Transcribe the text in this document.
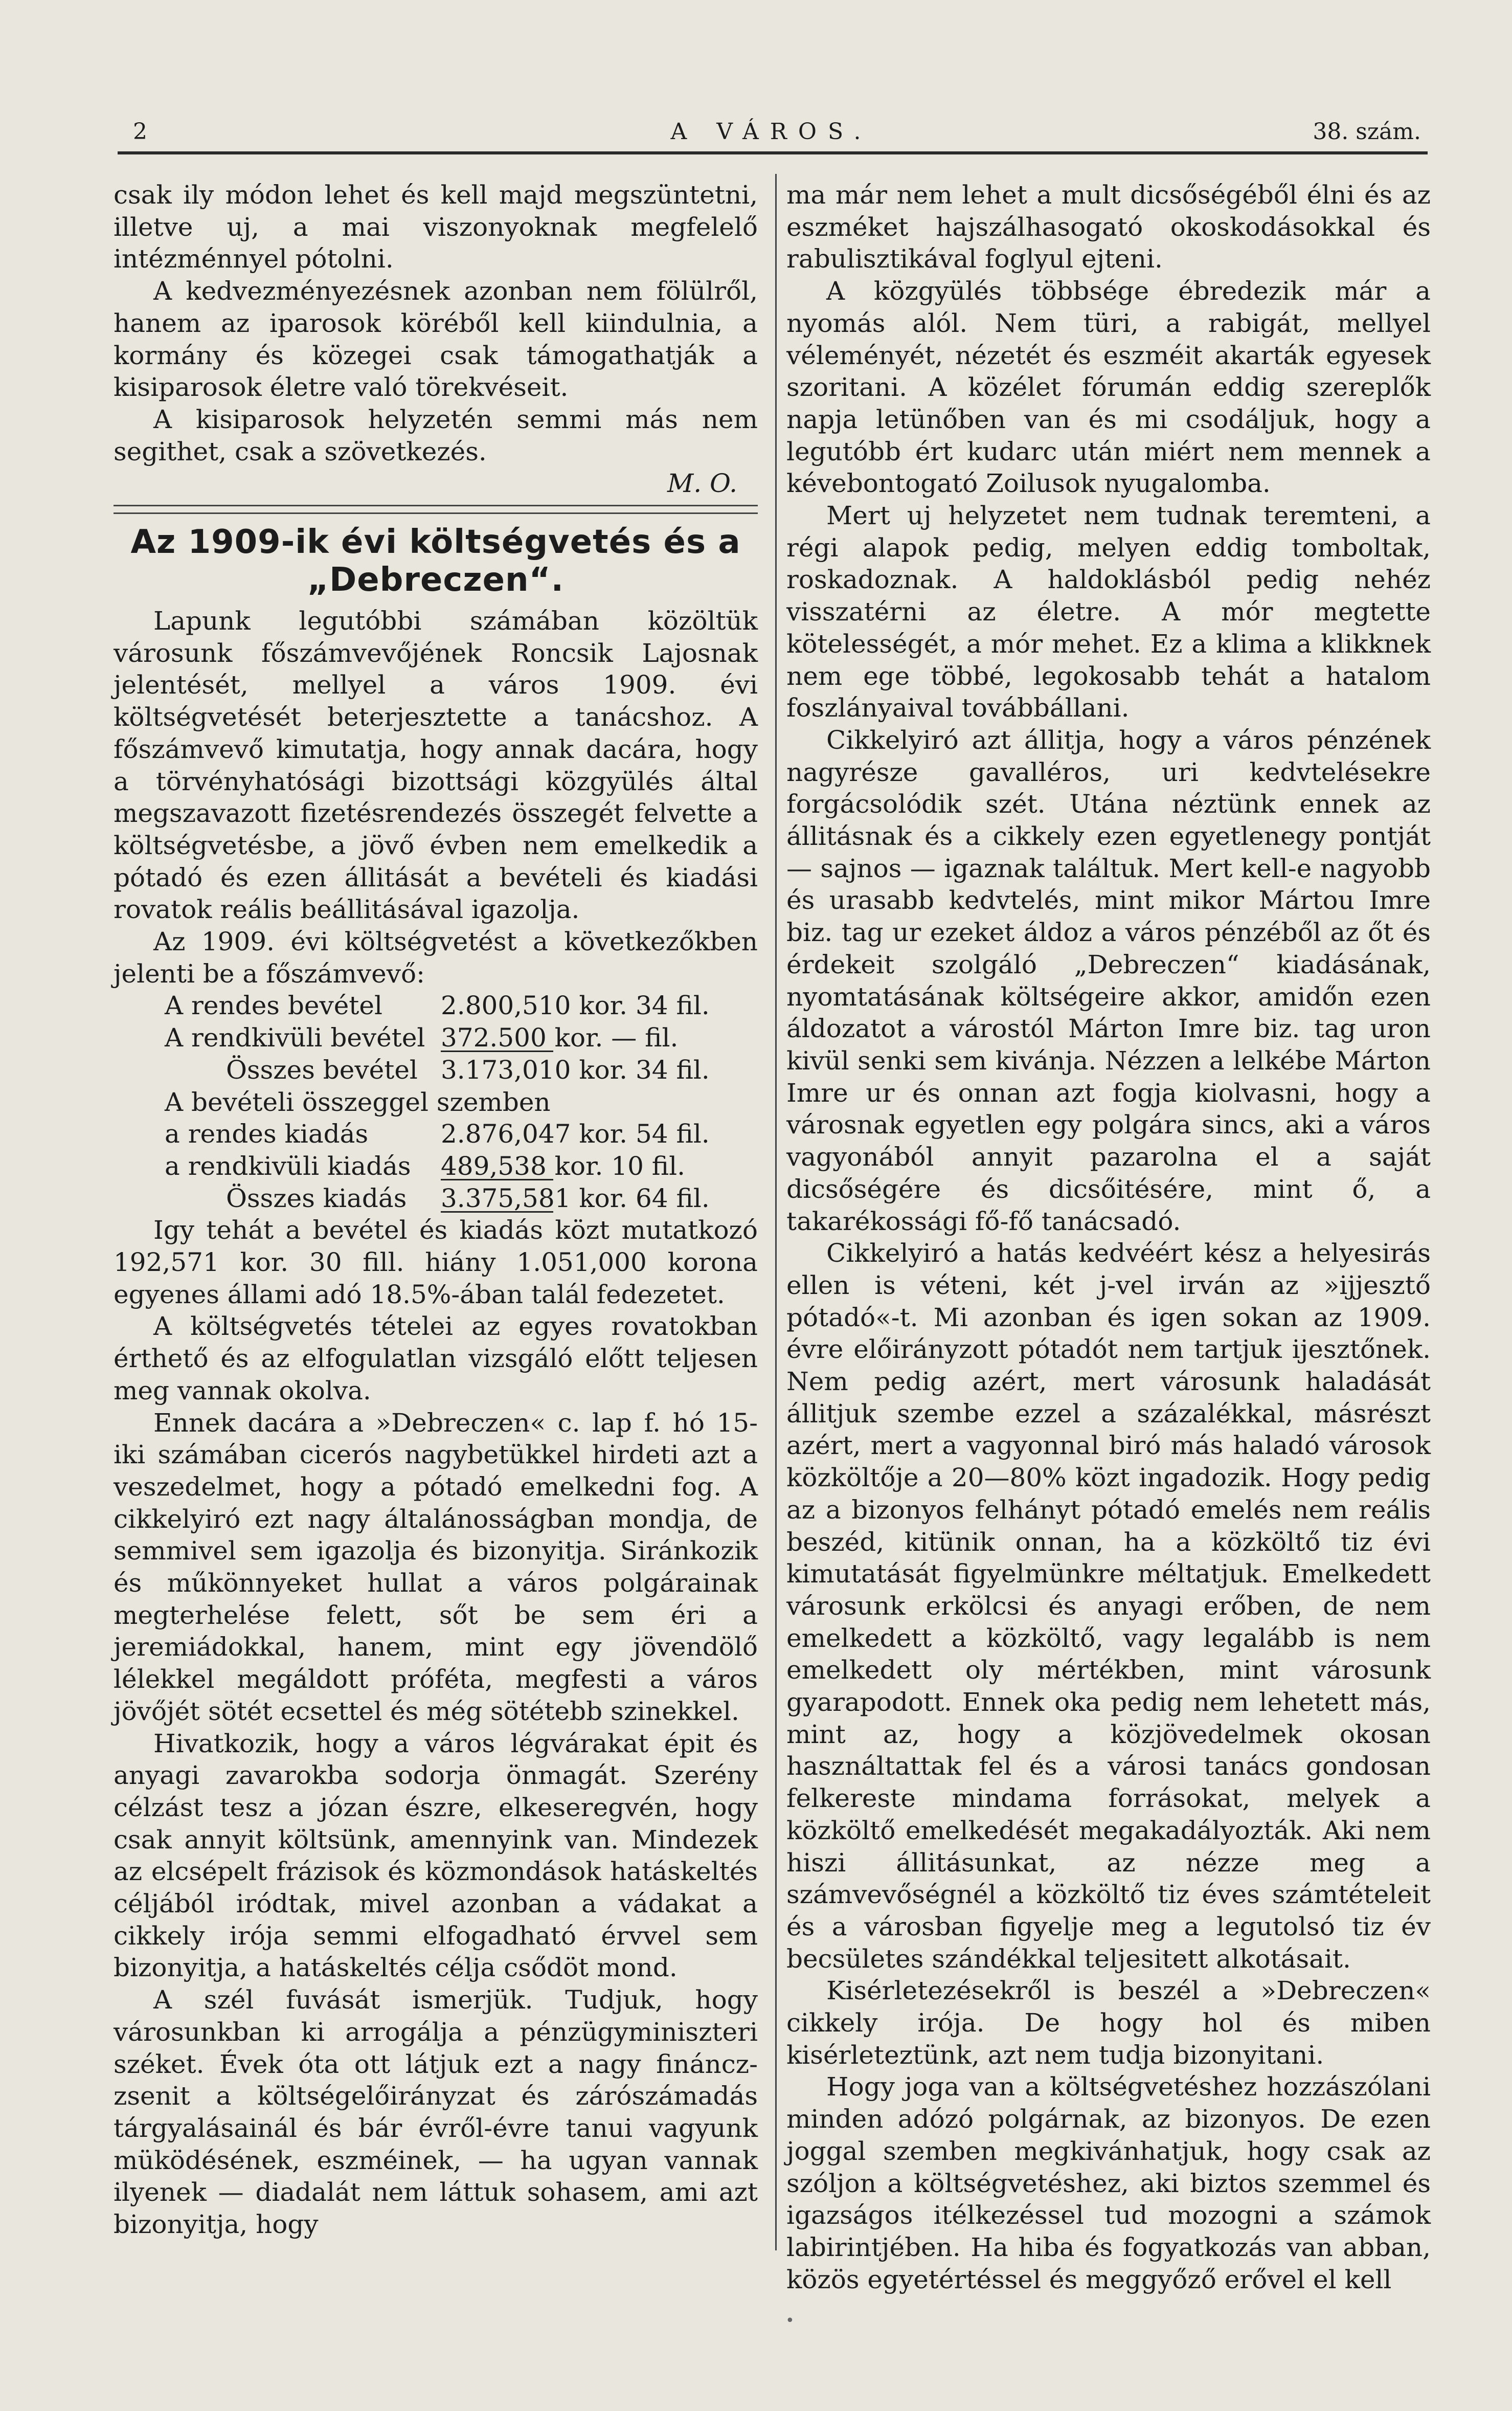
2	A VÁROS.	38. szám.

csak ily módon lehet és kell majd megszüntetni, illetve uj, a mai viszonyoknak megfelelő intézménnyel pótolni.

A kedvezményezésnek azonban nem fölülről, hanem az iparosok köréből kell kiindulnia, a kormány és közegei csak támogathatják a kisiparosok életre való törekvéseit.

A kisiparosok helyzetén semmi más nem segithet, csak a szövetkezés.

M. O.

Az 1909-ik évi költségvetés és a „Debreczen“.

Lapunk legutóbbi számában közöltük városunk főszámvevőjének Roncsik Lajosnak jelentését, mellyel a város 1909. évi költségvetését beterjesztette a tanácshoz. A főszámvevő kimutatja, hogy annak dacára, hogy a törvényhatósági bizottsági közgyülés által megszavazott fizetésrendezés összegét felvette a költségvetésbe, a jövő évben nem emelkedik a pótadó és ezen állitását a bevételi és kiadási rovatok reális beállitásával igazolja.

Az 1909. évi költségvetést a következőkben jelenti be a főszámvevő:

A rendes bevétel	2.800,510 kor. 34 fil.
A rendkivüli bevétel 372.500 kor. — fil.
Összes bevétel 3.173,010 kor. 34 fil.
A bevételi összeggel szemben
a rendes kiadás	2.876,047 kor. 54 fil.
a rendkivüli kiadás	489,538 kor. 10 fil.
Összes kiadás	3.375,581 kor. 64 fil.

Igy tehát a bevétel és kiadás közt mutatkozó 192,571 kor. 30 fill. hiány 1.051,000 korona egyenes állami adó 18.5%-ában talál fedezetet.

A költségvetés tételei az egyes rovatokban érthető és az elfogulatlan vizsgáló előtt teljesen meg vannak okolva.

Ennek dacára a »Debreczen« c. lap f. hó 15-iki számában cicerós nagybetükkel hirdeti azt a veszedelmet, hogy a pótadó emelkedni fog. A cikkelyiró ezt nagy általánosságban mondja, de semmivel sem igazolja és bizonyitja. Siránkozik és műkönnyeket hullat a város polgárainak megterhelése felett, sőt be sem éri a jeremiádokkal, hanem, mint egy jövendölő lélekkel megáldott próféta, megfesti a város jövőjét sötét ecsettel és még sötétebb szinekkel.

Hivatkozik, hogy a város légvárakat épit és anyagi zavarokba sodorja önmagát. Szerény célzást tesz a józan észre, elkeseregvén, hogy csak annyit költsünk, amennyink van. Mindezek az elcsépelt frázisok és közmondások hatáskeltés céljából iródtak, mivel azonban a vádakat a cikkely irója semmi elfogadható érvvel sem bizonyitja, a hatáskeltés célja csődöt mond.

A szél fuvását ismerjük. Tudjuk, hogy városunkban ki arrogálja a pénzügyminiszteri széket. Évek óta ott látjuk ezt a nagy fináncz-zsenit a költségelőirányzat és zárószámadás tárgyalásainál és bár évről-évre tanui vagyunk müködésének, eszméinek, — ha ugyan vannak ilyenek — diadalát nem láttuk sohasem, ami azt bizonyitja, hogy

ma már nem lehet a mult dicsőségéből élni és az eszméket hajszálhasogató okoskodásokkal és rabulisztikával foglyul ejteni.

A közgyülés többsége ébredezik már a nyomás alól. Nem türi, a rabigát, mellyel véleményét, nézetét és eszméit akarták egyesek szoritani. A közélet fórumán eddig szereplők napja letünőben van és mi csodáljuk, hogy a legutóbb ért kudarc után miért nem mennek a kévebontogató Zoilusok nyugalomba.

Mert uj helyzetet nem tudnak teremteni, a régi alapok pedig, melyen eddig tomboltak, roskadoznak. A haldoklásból pedig nehéz visszatérni az életre. A mór megtette kötelességét, a mór mehet. Ez a klima a klikknek nem ege többé, legokosabb tehát a hatalom foszlányaival továbbállani.

Cikkelyiró azt állitja, hogy a város pénzének nagyrésze gavalléros, uri kedvtelésekre forgácsolódik szét. Utána néztünk ennek az állitásnak és a cikkely ezen egyetlenegy pontját — sajnos — igaznak találtuk. Mert kell-e nagyobb és urasabb kedvtelés, mint mikor Mártou Imre biz. tag ur ezeket áldoz a város pénzéből az őt és érdekeit szolgáló „Debreczen“ kiadásának, nyomtatásának költségeire akkor, amidőn ezen áldozatot a várostól Márton Imre biz. tag uron kivül senki sem kivánja. Nézzen a lelkébe Márton Imre ur és onnan azt fogja kiolvasni, hogy a városnak egyetlen egy polgára sincs, aki a város vagyonából annyit pazarolna el a saját dicsőségére és dicsőitésére, mint ő, a takarékossági fő-fő tanácsadó.

Cikkelyiró a hatás kedvéért kész a helyesirás ellen is véteni, két j-vel irván az »ijjesztő pótadó«-t. Mi azonban és igen sokan az 1909. évre előirányzott pótadót nem tartjuk ijesztőnek. Nem pedig azért, mert városunk haladását állitjuk szembe ezzel a százalékkal, másrészt azért, mert a vagyonnal biró más haladó városok közköltője a 20—80% közt ingadozik. Hogy pedig az a bizonyos felhányt pótadó emelés nem reális beszéd, kitünik onnan, ha a közköltő tiz évi kimutatását figyelmünkre méltatjuk. Emelkedett városunk erkölcsi és anyagi erőben, de nem emelkedett a közköltő, vagy legalább is nem emelkedett oly mértékben, mint városunk gyarapodott. Ennek oka pedig nem lehetett más, mint az, hogy a közjövedelmek okosan használtattak fel és a városi tanács gondosan felkereste mindama forrásokat, melyek a közköltő emelkedését megakadályozták. Aki nem hiszi állitásunkat, az nézze meg a számvevőségnél a közköltő tiz éves számtételeit és a városban figyelje meg a legutolsó tiz év becsületes szándékkal teljesitett alkotásait.

Kisérletezésekről is beszél a »Debreczen« cikkely irója. De hogy hol és miben kisérleteztünk, azt nem tudja bizonyitani.

Hogy joga van a költségvetéshez hozzászólani minden adózó polgárnak, az bizonyos. De ezen joggal szemben megkivánhatjuk, hogy csak az szóljon a költségvetéshez, aki biztos szemmel és igazságos itélkezéssel tud mozogni a számok labirintjében. Ha hiba és fogyatkozás van abban, közös egyetértéssel és meggyőző erővel el kell

•
